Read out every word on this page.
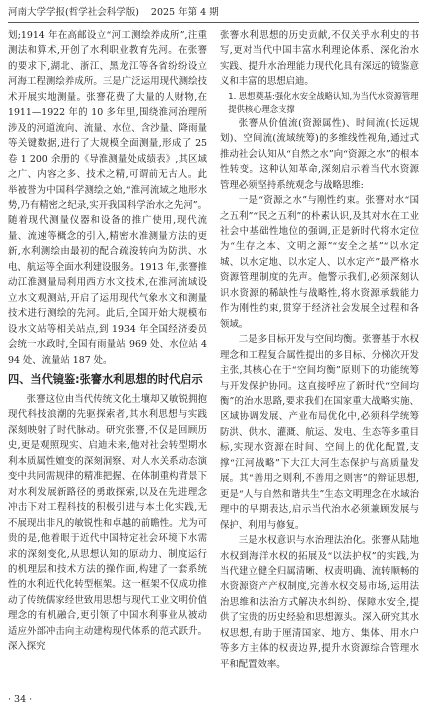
河南大学学报(哲学社会科学版) 2025 年第 4 期

划;1914 年在高邮设立“河工测绘养成所”,注重测法和算术,开创了水利职业教育先河。在张謇的要求下,湖北、浙江、黑龙江等各省纷纷设立河海工程测绘养成所。三是广泛运用现代测绘技术开展实地测量。张謇花费了大量的人财物,在 1911—1922 年的 10 多年里,围绕淮河治理所涉及的河道流向、流量、水位、含沙量、降雨量等关键数据,进行了大规模全面测量,形成了 25 卷 1 200 余册的《导淮测量处成绩表》,其区域之广、内容之多、技术之精,可谓前无古人。此举被誉为中国科学测绘之始,“淮河流域之地形水势,乃有精密之纪录,实开我国科学治水之先河”。随着现代测量仪器和设备的推广使用,现代流量、流速等概念的引入,精密水准测量方法的更新,水利测绘由最初的配合疏浚转向为防洪、水电、航运等全面水利建设服务。1913 年,张謇推动江淮测量局利用西方水文技术,在淮河流域设立水文观测站,开启了运用现代气象水文和测量技术进行测绘的先河。此后,全国开始大规模布设水文站等相关站点,到 1934 年全国经济委员会统一水政时,全国有雨量站 969 处、水位站 494 处、流量站 187 处。

四、当代镜鉴:张謇水利思想的时代启示

张謇这位由当代传统文化土壤却又敏锐拥抱现代科技浪潮的先驱探索者,其水利思想与实践深刻映射了时代脉动。研究张謇,不仅是回顾历史,更是观照现实、启迪未来,他对社会转型期水利本质属性嬗变的深刻洞察、对人水关系动态演变中共同需规律的精准把握、在体制重构背景下对水利发展新路径的勇敢探索,以及在先进理念冲击下对工程科技的积极引进与本土化实践,无不展现出非凡的敏锐性和卓越的前瞻性。尤为可贵的是,他着眼于近代中国特定社会环境下水需求的深刻变化,从思想认知的原动力、制度运行的机理层和技术方法的操作面,构建了一套系统性的水利近代化转型框架。这一框架不仅成功推动了传统儒家经世致用思想与现代工业文明价值理念的有机融合,更引领了中国水利事业从被动适应外部冲击向主动建构现代体系的范式跃升。深入探究

张謇水利思想的历史贡献,不仅关乎水利史的书写,更对当代中国丰富水利理论体系、深化治水实践、提升水治理能力现代化具有深远的镜鉴意义和丰富的思想启迪。

1. 思想奠基:强化水安全战略认知,为当代水资源管理提供核心理念支撑

张謇从价值流(资源属性)、时间流(长远规划)、空间流(流域统筹)的多维线性视角,通过式推动社会认知从“自然之水”向“资源之水”的根本性转变。这种认知革命,深刻启示着当代水资源管理必须坚持系统观念与战略思维:

一是“资源之水”与刚性约束。张謇对水“国之五利”“民之五利”的朴素认识,及其对水在工业社会中基础性地位的强调,正是新时代将水定位为“生存之本、文明之源”“安全之基”“以水定城、以水定地、以水定人、以水定产”最严格水资源管理制度的先声。他警示我们,必须深刻认识水资源的稀缺性与战略性,将水资源承载能力作为刚性约束,贯穿于经济社会发展全过程和各领域。

二是多目标开发与空间均衡。张謇基于水权理念和工程复合属性提出的多目标、分梯次开发主张,其核心在于“空间均衡”原则下的功能统筹与开发保护协同。这直接呼应了新时代“空间均衡”的治水思路,要求我们在国家重大战略实施、区域协调发展、产业布局优化中,必须科学统筹防洪、供水、灌溉、航运、发电、生态等多重目标,实现水资源在时间、空间上的优化配置,支撑“江河战略”下大江大河生态保护与高质量发展。其“善用之则利,不善用之则害”的辩证思想,更是“人与自然和谐共生”生态文明理念在水域治理中的早期表达,启示当代治水必须兼顾发展与保护、利用与修复。

三是水权意识与水治理法治化。张謇从陆地水权到海洋水权的拓展及“以法护权”的实践,为当代建立健全归属清晰、权责明确、流转顺畅的水资源资产产权制度,完善水权交易市场,运用法治思维和法治方式解决水纠纷、保障水安全,提供了宝贵的历史经验和思想源头。深入研究其水权思想,有助于厘清国家、地方、集体、用水户等多方主体的权责边界,提升水资源综合管理水平和配置效率。

· 34 ·
